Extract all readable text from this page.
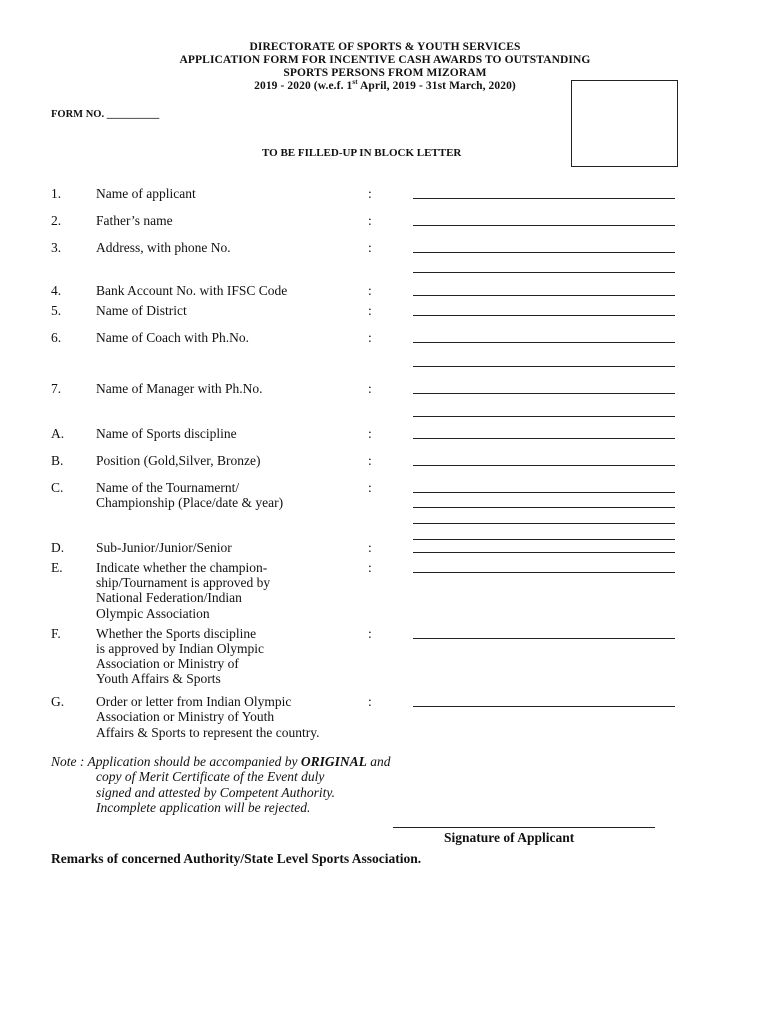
DIRECTORATE OF SPORTS & YOUTH SERVICES
APPLICATION FORM FOR INCENTIVE CASH AWARDS TO OUTSTANDING
SPORTS PERSONS FROM MIZORAM
2019 - 2020 (w.e.f. 1st April, 2019 - 31st March, 2020)
FORM NO. __________
TO BE FILLED-UP IN BLOCK LETTER
1.	Name of applicant	:
2.	Father’s name	:
3.	Address, with phone No.	:
4.	Bank Account No. with IFSC Code	:
5.	Name of District	:
6.	Name of Coach with Ph.No.	:
7.	Name of Manager with Ph.No.	:
A. Name of Sports discipline	:
B. Position (Gold,Silver, Bronze)	:
C. Name of the Tournamernt/
Championship (Place/date & year)
:
D. Sub-Junior/Junior/Senior	:
E. Indicate whether the champion-
ship/Tournament is approved by
National Federation/Indian
Olympic Association
:
F.	Whether the Sports discipline
is approved by Indian Olympic
Association or Ministry of
Youth Affairs & Sports
:
G. Order or letter from Indian Olympic
Association or Ministry of Youth
Affairs & Sports to represent the country.
:
Note : Application should be accompanied by ORIGINAL and
copy of Merit Certificate of the Event duly
signed and attested by Competent Authority.
Incomplete application will be rejected.
Signature of Applicant
Remarks of concerned Authority/State Level Sports Association.
